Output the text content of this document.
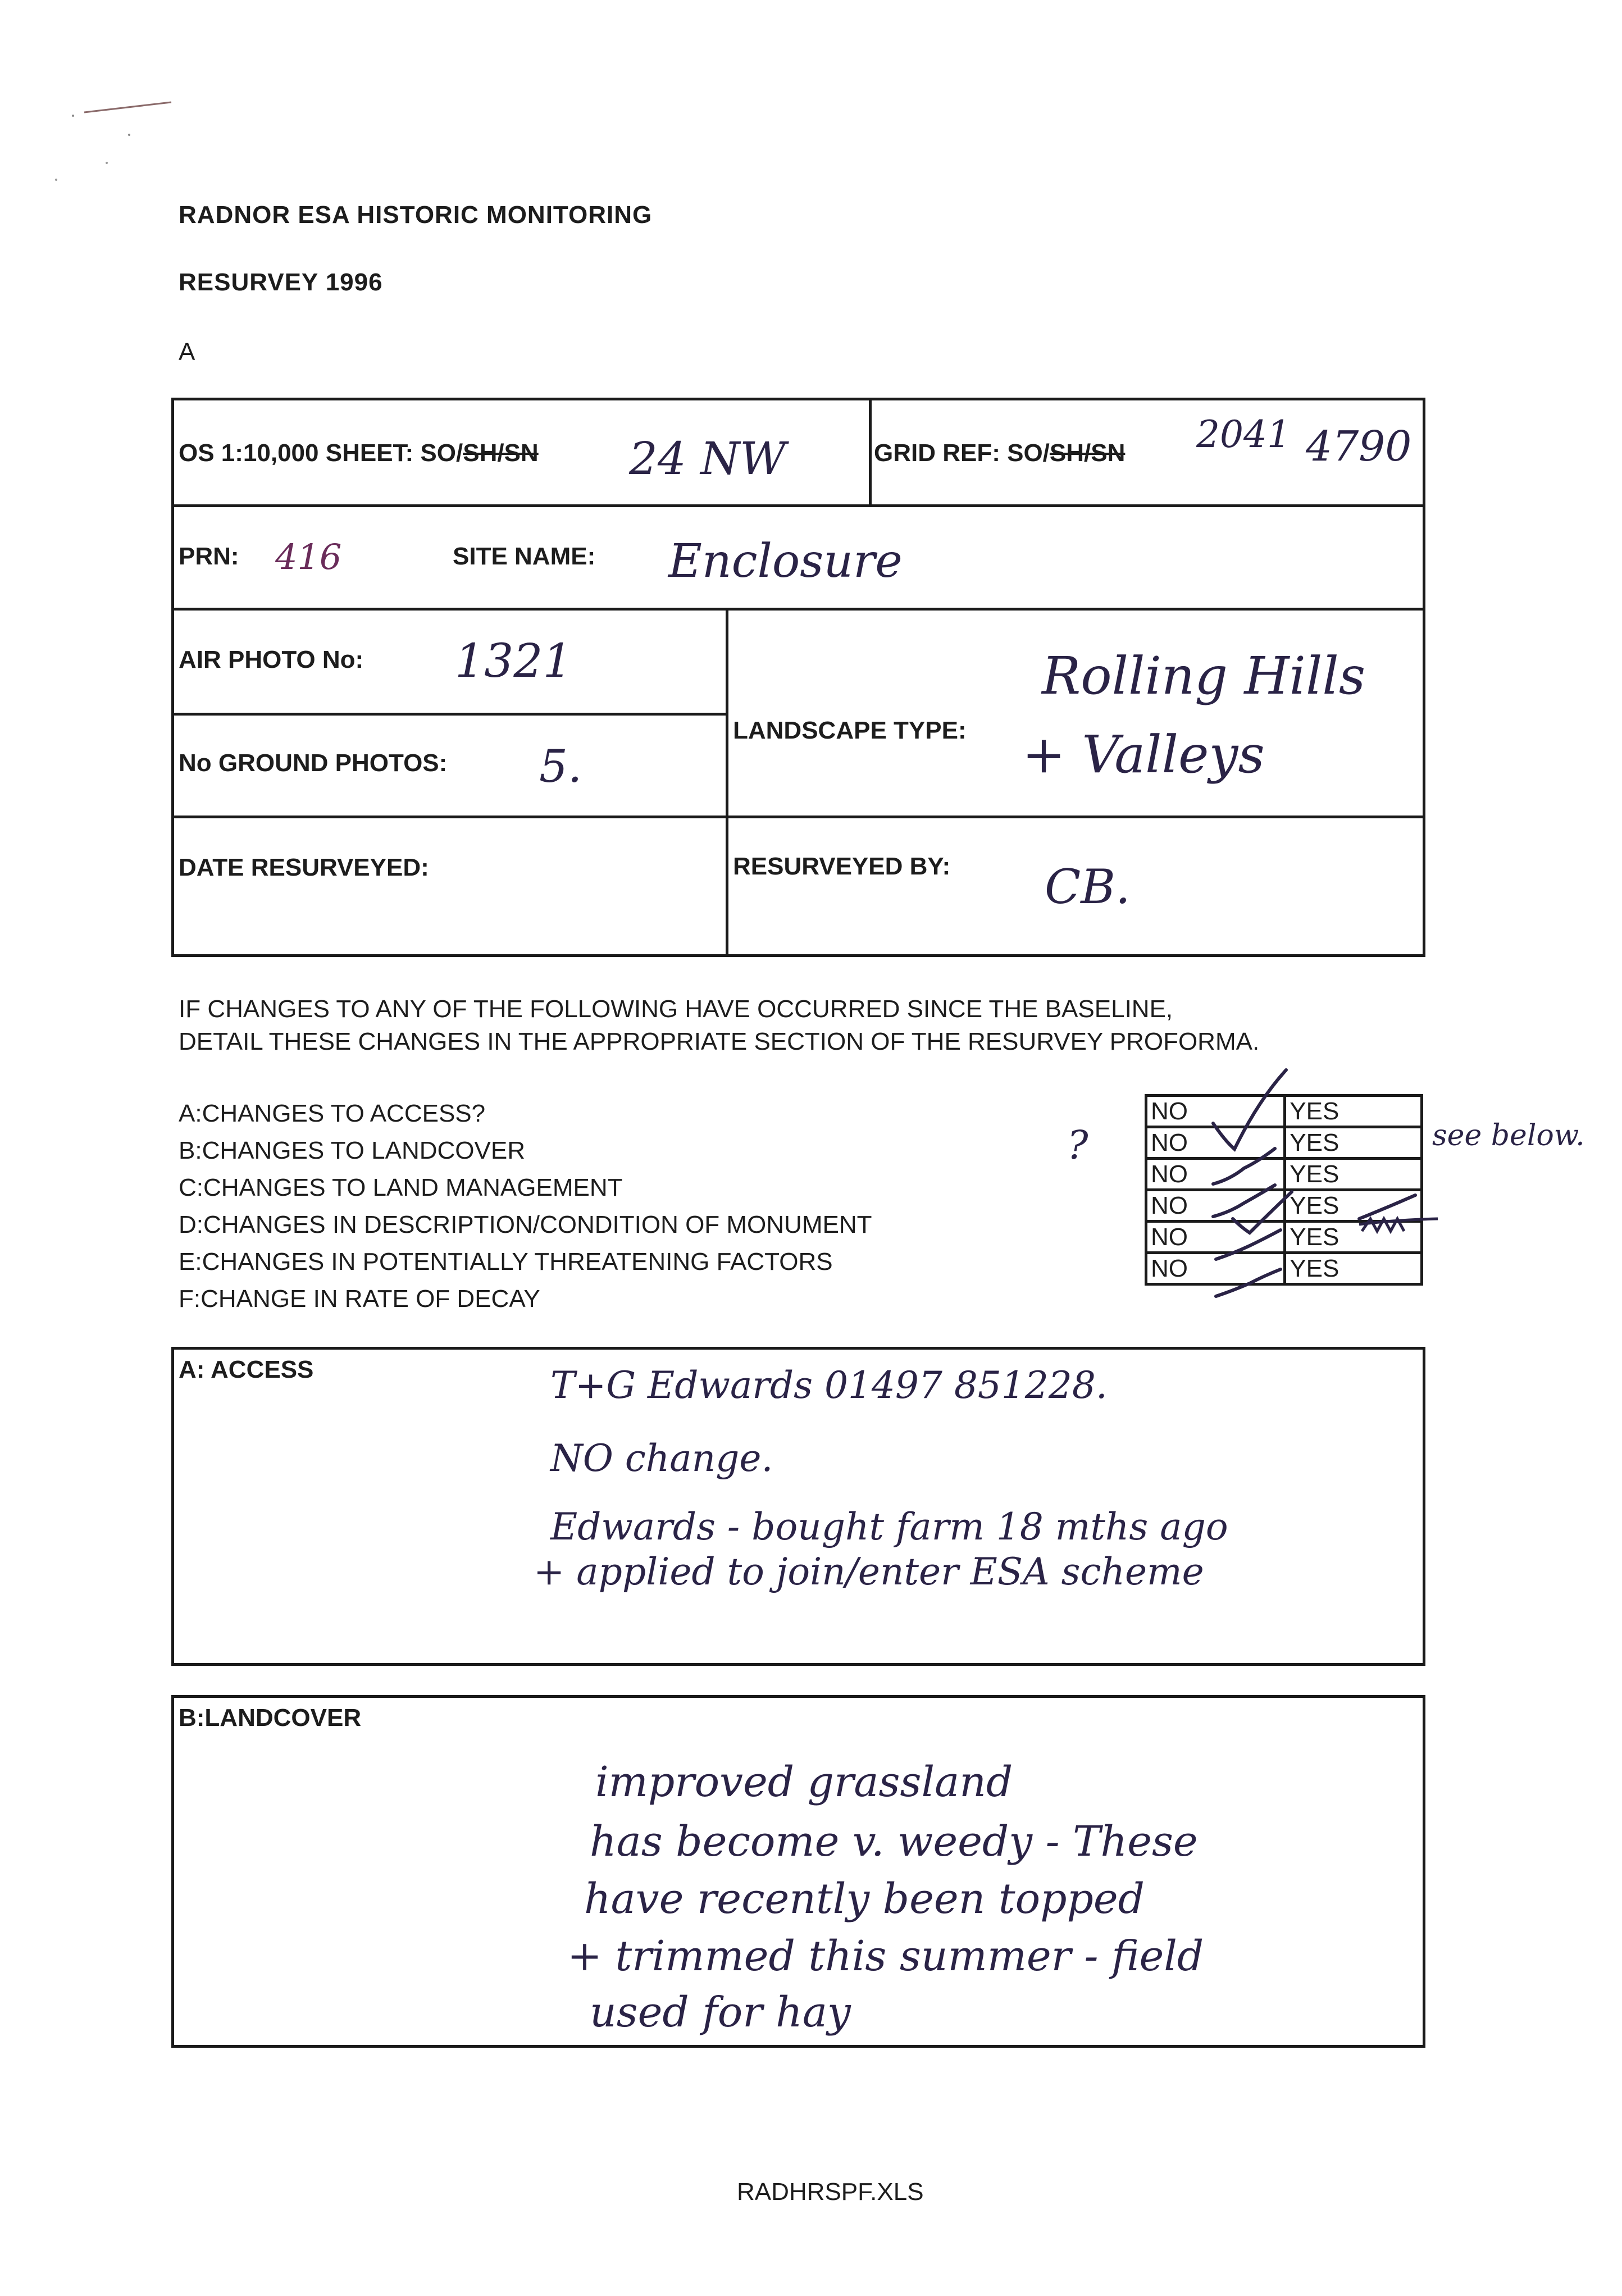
RADNOR ESA HISTORIC MONITORING
RESURVEY 1996
A
OS 1:10,000 SHEET: SO/SH/SN 24 NW	GRID REF: SO/SH/SN 2041 4790
PRN: 416	SITE NAME: Enclosure
AIR PHOTO No: 1321
No GROUND PHOTOS: 5.
LANDSCAPE TYPE:
Rolling Hills
+ Valleys
DATE RESURVEYED:	RESURVEYED BY: CB.
IF CHANGES TO ANY OF THE FOLLOWING HAVE OCCURRED SINCE THE BASELINE,
DETAIL THESE CHANGES IN THE APPROPRIATE SECTION OF THE RESURVEY PROFORMA.
A:CHANGES TO ACCESS?
B:CHANGES TO LANDCOVER
C:CHANGES TO LAND MANAGEMENT
D:CHANGES IN DESCRIPTION/CONDITION OF MONUMENT
E:CHANGES IN POTENTIALLY THREATENING FACTORS
F:CHANGE IN RATE OF DECAY
NO	YES
NO	YES
NO	YES
NO	YES
NO	YES
NO	YES
?	see below.
A: ACCESS	T+G Edwards 01497 851228.
NO change.
Edwards - bought farm 18 mths ago
+ applied to join/enter ESA scheme
B:LANDCOVER
improved grassland
has become v. weedy - These
have recently been topped
+ trimmed this summer - field
used for hay
RADHRSPF.XLS
